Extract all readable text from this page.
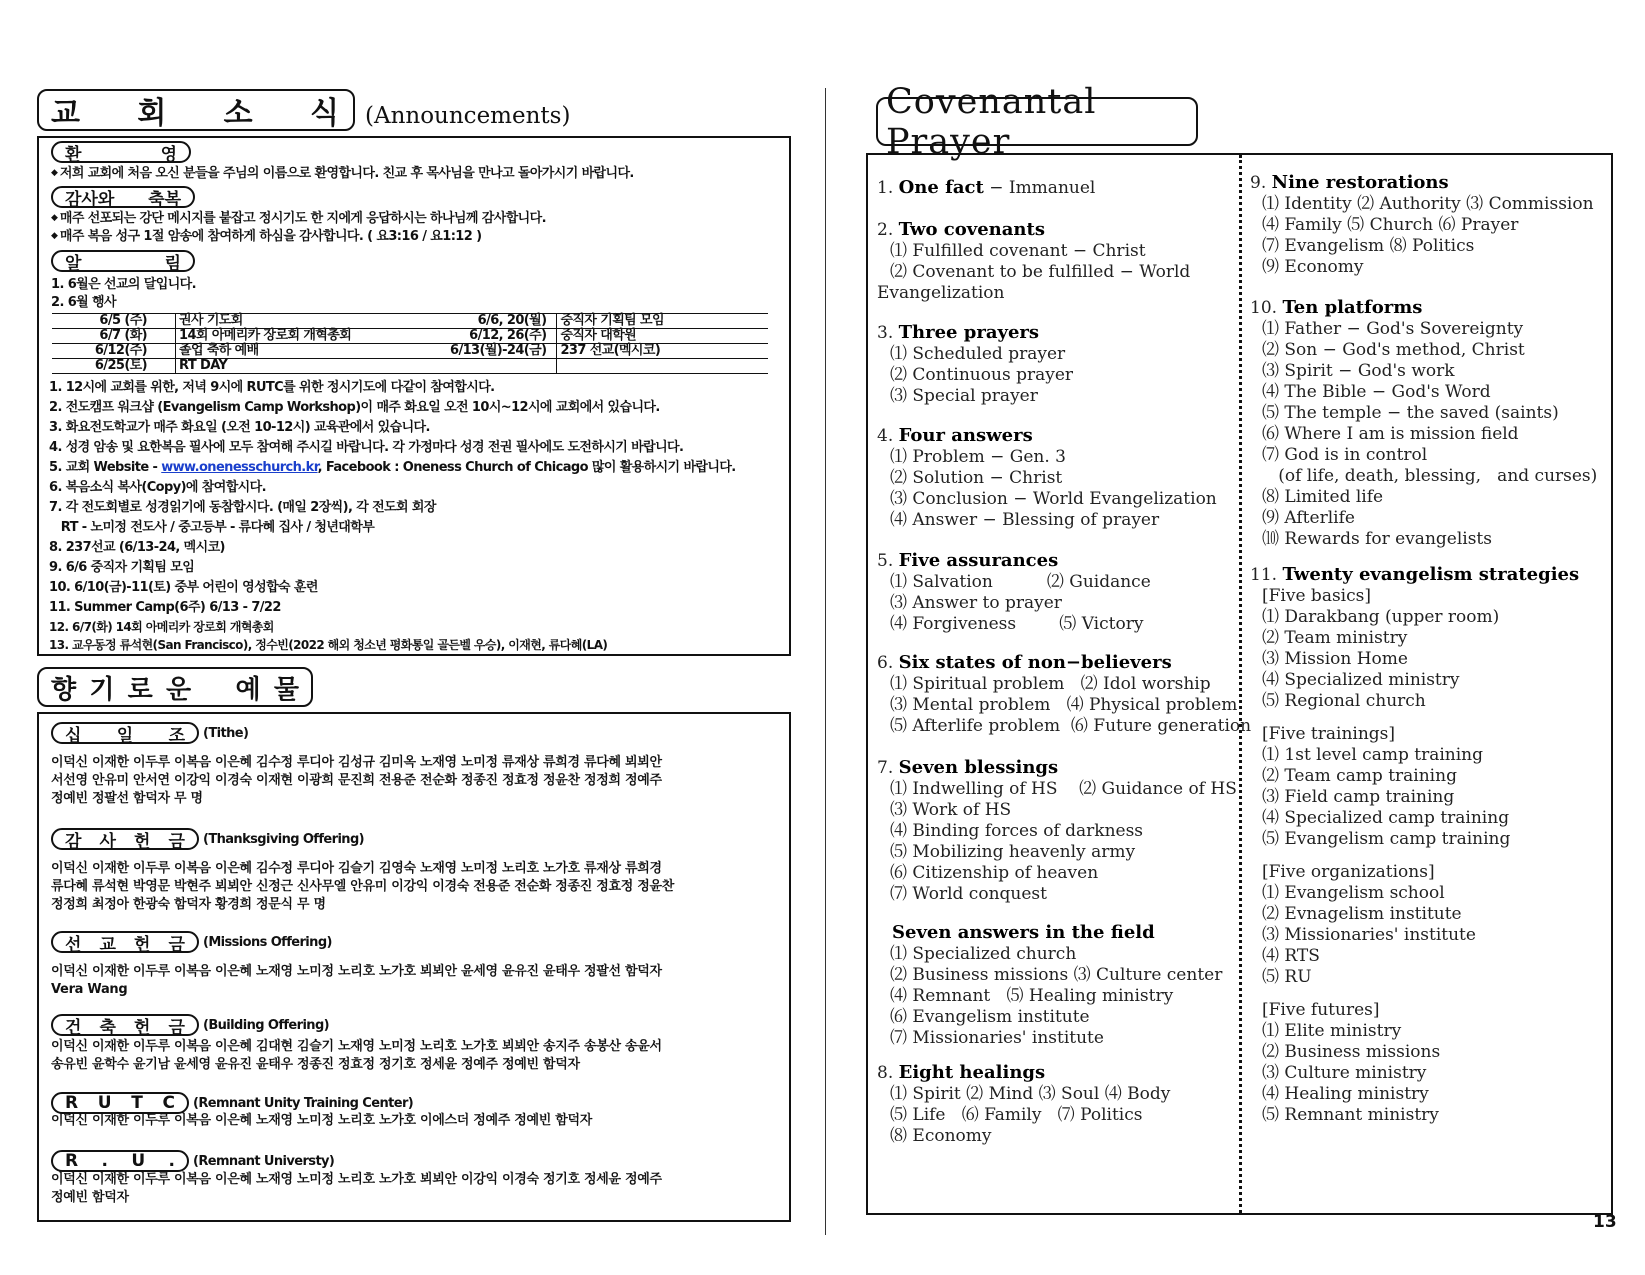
교 회 소 식 (Announcements)
환	영
◆ 저희 교회에 처음 오신 분들을 주님의 이름으로 환영합니다. 친교 후 목사님을 만나고 돌아가시기 바랍니다.
감사와 축복
◆ 매주 선포되는 강단 메시지를 붙잡고 정시기도 한 지에게 응답하시는 하나님께 감사합니다.
◆ 매주 복음 성구 1절 암송에 참여하게 하심을 감사합니다. ( 요3:16 / 요1:12 )
알	림
1. 6월은 선교의 달입니다.
2. 6월 행사
6/5 (주)	권사 기도회	6/6, 20(월)	중직자 기획팀 모임
6/7 (화)	14회 아메리카 장로회 개혁총회	6/12, 26(주)	중직자 대학원
6/12(주)	졸업 축하 예배	6/13(월)-24(금)	237 선교(멕시코)
6/25(토)	RT DAY		
1. 12시에 교회를 위한, 저녁 9시에 RUTC를 위한 정시기도에 다같이 참여합시다.
2. 전도캠프 워크샵 (Evangelism Camp Workshop)이 매주 화요일 오전 10시~12시에 교회에서 있습니다.
3. 화요전도학교가 매주 화요일 (오전 10-12시) 교육관에서 있습니다.
4. 성경 암송 및 요한복음 필사에 모두 참여해 주시길 바랍니다. 각 가정마다 성경 전권 필사에도 도전하시기 바랍니다.
5. 교회 Website - www.onenesschurch.kr, Facebook : Oneness Church of Chicago 많이 활용하시기 바랍니다.
6. 복음소식 복사(Copy)에 참여합시다.
7. 각 전도회별로 성경읽기에 동참합시다. (매일 2장씩), 각 전도회 회장
RT - 노미정 전도사 / 중고등부 - 류다혜 집사 / 청년대학부
8. 237선교 (6/13-24, 멕시코)
9. 6/6 중직자 기획팀 모임
10. 6/10(금)-11(토) 중부 어린이 영성합숙 훈련
11. Summer Camp(6주) 6/13 - 7/22
12. 6/7(화) 14회 아메리카 장로회 개혁총회
향 기 로 운 예 물
십 일 조 (Tithe)
이덕신 이재한 이두루 이복음 이은혜 김수정 루디아 김성규 김미옥 노재영 노미정 류재상 류희경 류다혜 뵈뵈안
서선영 안유미 안서연 이강익 이경숙 이재현 이광희 문진희 전용준 전순화 정종진 정효정 정윤찬 정정희 정예주
정예빈 정팔선 함덕자 무 명
감 사 헌 금 (Thanksgiving Offering)
이덕신 이재한 이두루 이복음 이은혜 김수정 루디아 김슬기 김영숙 노재영 노미정 노리호 노가호 류재상 류희경
류다혜 류석현 박영문 박현주 뵈뵈안 신정근 신사무엘 안유미 이강익 이경숙 전용준 전순화 정종진 정효정 정윤찬
정정희 최정아 한광숙 함덕자 황경희 정문식 무 명
선 교 헌 금 (Missions Offering)
이덕신 이재한 이두루 이복음 이은혜 노재영 노미정 노리호 노가호 뵈뵈안 윤세영 윤유진 윤태우 정팔선 함덕자
Vera Wang
건 축 헌 금 (Building Offering)
이덕신 이재한 이두루 이복음 이은혜 김대현 김슬기 노재영 노미정 노리호 노가호 뵈뵈안 송지주 송봉산 송윤서
송유빈 윤학수 윤기남 윤세영 윤유진 윤태우 정종진 정효정 정기호 정세윤 정예주 정예빈 함덕자
R U T C (Remnant Unity Training Center)
이덕신 이재한 이두루 이복음 이은혜 노재영 노미정 노리호 노가호 이에스더 정예주 정예빈 함덕자
R . U . (Remnant Universty)
이덕신 이재한 이두루 이복음 이은혜 노재영 노미정 노리호 노가호 뵈뵈안 이강익 이경숙 정기호 정세윤 정예주
정예빈 함덕자
Covenantal Prayer
1. One fact − Immanuel
2. Two covenants
⑴ Fulfilled covenant − Christ
⑵ Covenant to be fulfilled − World
Evangelization
3. Three prayers
⑴ Scheduled prayer
⑵ Continuous prayer
⑶ Special prayer
4. Four answers
⑴ Problem − Gen. 3
⑵ Solution − Christ
⑶ Conclusion − World Evangelization
⑷ Answer − Blessing of prayer
5. Five assurances
⑴ Salvation          ⑵ Guidance
⑶ Answer to prayer
⑷ Forgiveness        ⑸ Victory
6. Six states of non−believers
⑴ Spiritual problem   ⑵ Idol worship
⑶ Mental problem   ⑷ Physical problem
⑸ Afterlife problem  ⑹ Future generation
7. Seven blessings
⑴ Indwelling of HS    ⑵ Guidance of HS
⑶ Work of HS
⑷ Binding forces of darkness
⑸ Mobilizing heavenly army
⑹ Citizenship of heaven
⑺ World conquest
Seven answers in the field
⑴ Specialized church
⑵ Business missions ⑶ Culture center
⑷ Remnant   ⑸ Healing ministry
⑹ Evangelism institute
⑺ Missionaries' institute
8. Eight healings
⑴ Spirit ⑵ Mind ⑶ Soul ⑷ Body
⑸ Life   ⑹ Family   ⑺ Politics
⑻ Economy
9. Nine restorations
⑴ Identity ⑵ Authority ⑶ Commission
⑷ Family ⑸ Church ⑹ Prayer
⑺ Evangelism ⑻ Politics
⑼ Economy
10. Ten platforms
⑴ Father − God's Sovereignty
⑵ Son − God's method, Christ
⑶ Spirit − God's work
⑷ The Bible − God's Word
⑸ The temple − the saved (saints)
⑹ Where I am is mission field
⑺ God is in control
(of life, death, blessing,   and curses)
⑻ Limited life
⑼ Afterlife
⑽ Rewards for evangelists
11. Twenty evangelism strategies
[Five basics]
⑴ Darakbang (upper room)
⑵ Team ministry
⑶ Mission Home
⑷ Specialized ministry
⑸ Regional church
[Five trainings]
⑴ 1st level camp training
⑵ Team camp training
⑶ Field camp training
⑷ Specialized camp training
⑸ Evangelism camp training
[Five organizations]
⑴ Evangelism school
⑵ Evnagelism institute
⑶ Missionaries' institute
⑷ RTS
⑸ RU
[Five futures]
⑴ Elite ministry
⑵ Business missions
⑶ Culture ministry
⑷ Healing ministry
⑸ Remnant ministry
13
13. 교우동정 류석현(San Francisco), 정수빈(2022 해외 청소년 평화통일 골든벨 우승), 이재현, 류다혜(LA)
